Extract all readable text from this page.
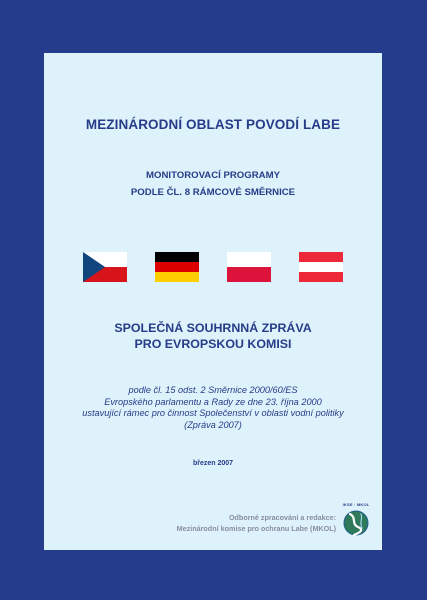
MEZINÁRODNÍ OBLAST POVODÍ LABE
MONITOROVACÍ PROGRAMY
PODLE ČL. 8 RÁMCOVÉ SMĚRNICE
SPOLEČNÁ SOUHRNNÁ ZPRÁVA
PRO EVROPSKOU KOMISI
podle čl. 15 odst. 2 Směrnice 2000/60/ES
Evropského parlamentu a Rady ze dne 23. října 2000
ustavující rámec pro činnost Společenství v oblasti vodní politiky
(Zpráva 2007)
březen 2007
Odborné zpracování a redakce:
Mezinárodní komise pro ochranu Labe (MKOL)
IKSE · MKOL
